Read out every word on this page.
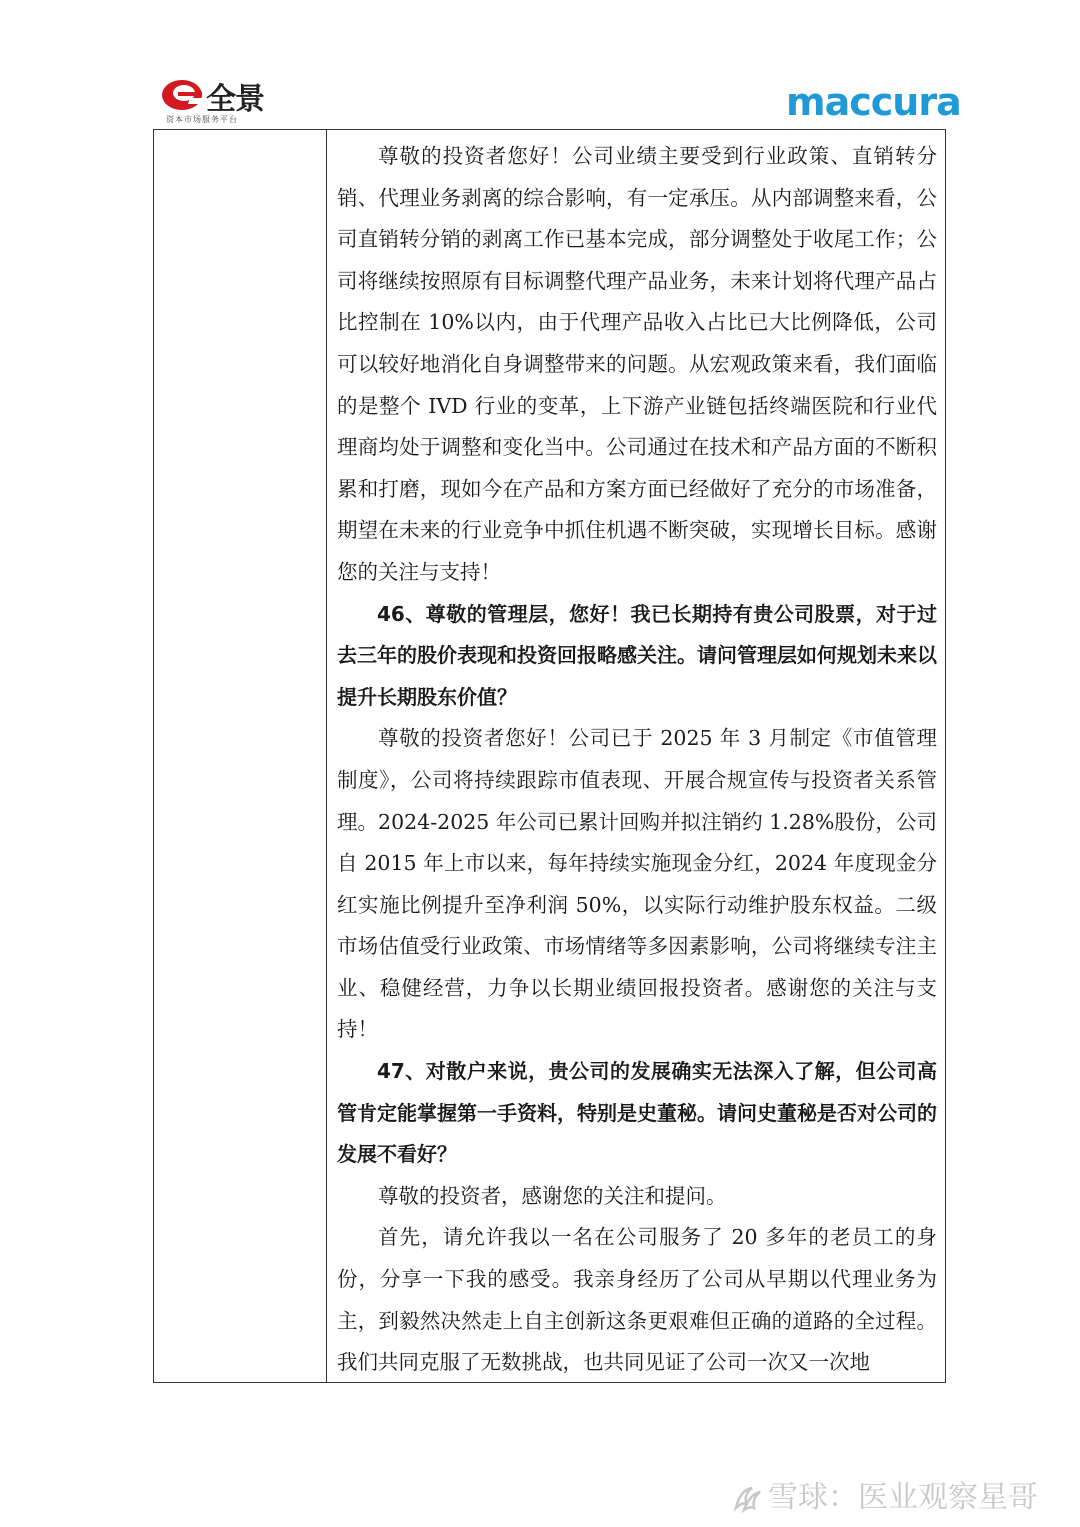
全景
资本市场服务平台	maccura

尊敬的投资者您好！公司业绩主要受到行业政策、直销转分销、代理业务剥离的综合影响，有一定承压。从内部调整来看，公司直销转分销的剥离工作已基本完成，部分调整处于收尾工作；公司将继续按照原有目标调整代理产品业务，未来计划将代理产品占比控制在 10%以内，由于代理产品收入占比已大比例降低，公司可以较好地消化自身调整带来的问题。从宏观政策来看，我们面临的是整个 IVD 行业的变革，上下游产业链包括终端医院和行业代理商均处于调整和变化当中。公司通过在技术和产品方面的不断积累和打磨，现如今在产品和方案方面已经做好了充分的市场准备，期望在未来的行业竞争中抓住机遇不断突破，实现增长目标。感谢您的关注与支持！

46、尊敬的管理层，您好！我已长期持有贵公司股票，对于过去三年的股价表现和投资回报略感关注。请问管理层如何规划未来以提升长期股东价值？

尊敬的投资者您好！公司已于 2025 年 3 月制定《市值管理制度》，公司将持续跟踪市值表现、开展合规宣传与投资者关系管理。2024-2025 年公司已累计回购并拟注销约 1.28%股份，公司自 2015 年上市以来，每年持续实施现金分红，2024 年度现金分红实施比例提升至净利润 50%，以实际行动维护股东权益。二级市场估值受行业政策、市场情绪等多因素影响，公司将继续专注主业、稳健经营，力争以长期业绩回报投资者。感谢您的关注与支持！

47、对散户来说，贵公司的发展确实无法深入了解，但公司高管肯定能掌握第一手资料，特别是史董秘。请问史董秘是否对公司的发展不看好？

尊敬的投资者，感谢您的关注和提问。

首先，请允许我以一名在公司服务了 20 多年的老员工的身份，分享一下我的感受。我亲身经历了公司从早期以代理业务为主，到毅然决然走上自主创新这条更艰难但正确的道路的全过程。我们共同克服了无数挑战，也共同见证了公司一次又一次地

雪球：医业观察星哥
